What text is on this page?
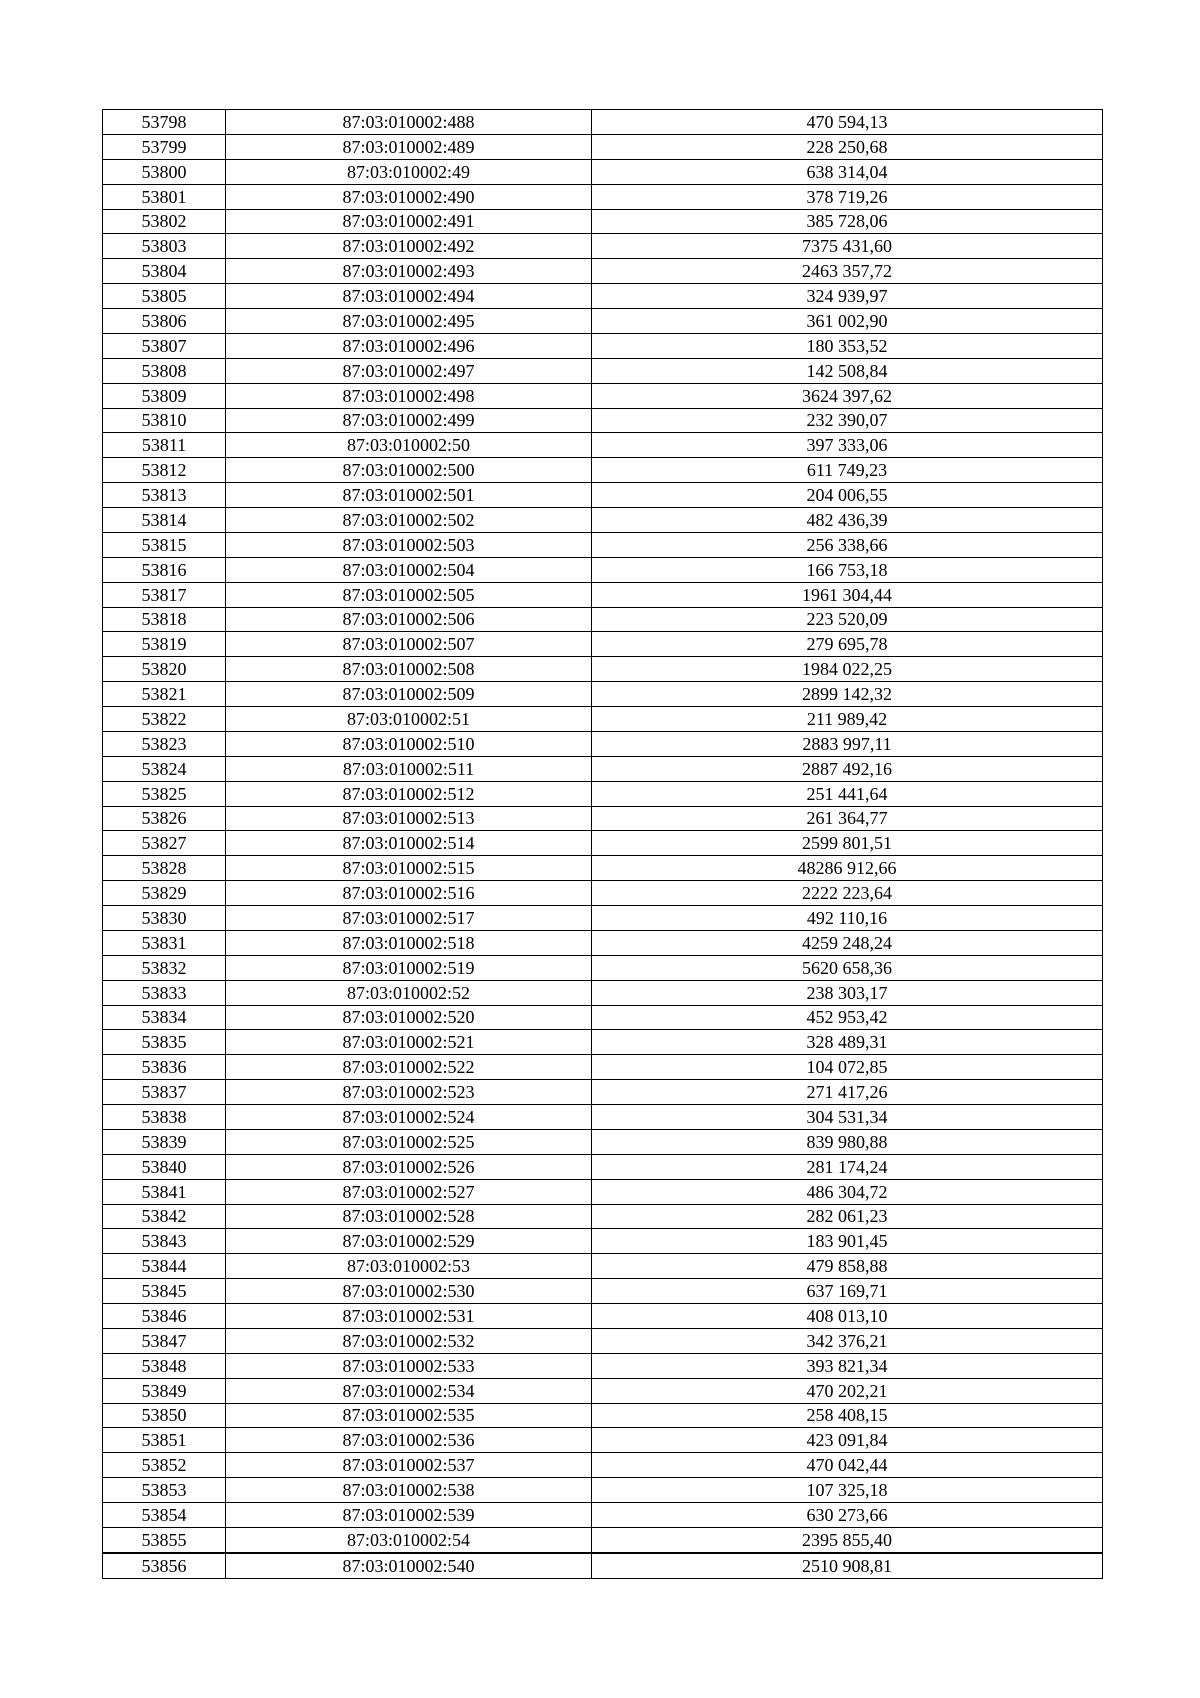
53798	87:03:010002:488	470 594,13
53799	87:03:010002:489	228 250,68
53800	87:03:010002:49	638 314,04
53801	87:03:010002:490	378 719,26
53802	87:03:010002:491	385 728,06
53803	87:03:010002:492	7375 431,60
53804	87:03:010002:493	2463 357,72
53805	87:03:010002:494	324 939,97
53806	87:03:010002:495	361 002,90
53807	87:03:010002:496	180 353,52
53808	87:03:010002:497	142 508,84
53809	87:03:010002:498	3624 397,62
53810	87:03:010002:499	232 390,07
53811	87:03:010002:50	397 333,06
53812	87:03:010002:500	611 749,23
53813	87:03:010002:501	204 006,55
53814	87:03:010002:502	482 436,39
53815	87:03:010002:503	256 338,66
53816	87:03:010002:504	166 753,18
53817	87:03:010002:505	1961 304,44
53818	87:03:010002:506	223 520,09
53819	87:03:010002:507	279 695,78
53820	87:03:010002:508	1984 022,25
53821	87:03:010002:509	2899 142,32
53822	87:03:010002:51	211 989,42
53823	87:03:010002:510	2883 997,11
53824	87:03:010002:511	2887 492,16
53825	87:03:010002:512	251 441,64
53826	87:03:010002:513	261 364,77
53827	87:03:010002:514	2599 801,51
53828	87:03:010002:515	48286 912,66
53829	87:03:010002:516	2222 223,64
53830	87:03:010002:517	492 110,16
53831	87:03:010002:518	4259 248,24
53832	87:03:010002:519	5620 658,36
53833	87:03:010002:52	238 303,17
53834	87:03:010002:520	452 953,42
53835	87:03:010002:521	328 489,31
53836	87:03:010002:522	104 072,85
53837	87:03:010002:523	271 417,26
53838	87:03:010002:524	304 531,34
53839	87:03:010002:525	839 980,88
53840	87:03:010002:526	281 174,24
53841	87:03:010002:527	486 304,72
53842	87:03:010002:528	282 061,23
53843	87:03:010002:529	183 901,45
53844	87:03:010002:53	479 858,88
53845	87:03:010002:530	637 169,71
53846	87:03:010002:531	408 013,10
53847	87:03:010002:532	342 376,21
53848	87:03:010002:533	393 821,34
53849	87:03:010002:534	470 202,21
53850	87:03:010002:535	258 408,15
53851	87:03:010002:536	423 091,84
53852	87:03:010002:537	470 042,44
53853	87:03:010002:538	107 325,18
53854	87:03:010002:539	630 273,66
53855	87:03:010002:54	2395 855,40
53856	87:03:010002:540	2510 908,81
